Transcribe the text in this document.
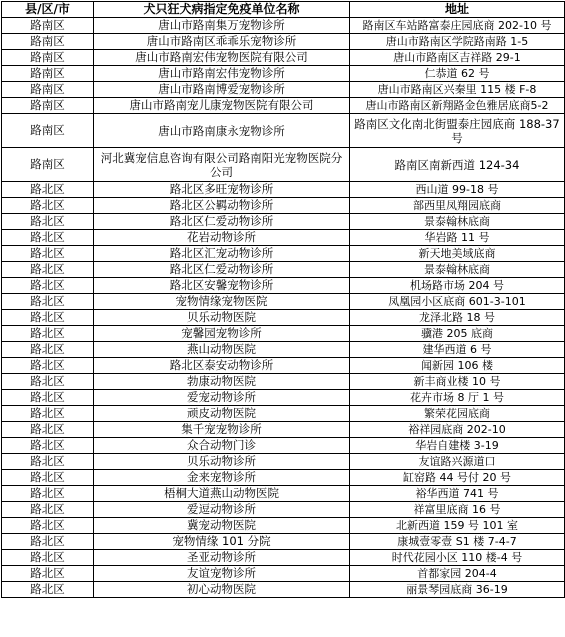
县/区/市	犬只狂犬病指定免疫单位名称	地址
路南区	唐山市路南集万宠物诊所	路南区车站路富泰庄园底商 202-10 号
路南区	唐山市路南区乖乖乐宠物诊所	唐山市路南区学院路南路 1-5
路南区	唐山市路南宏伟宠物医院有限公司	唐山市路南区吉祥路 29-1
路南区	唐山市路南宏伟宠物诊所	仁恭道 62 号
路南区	唐山市路南博爱宠物诊所	唐山市路南区兴秦里 115 楼 F-8
路南区	唐山市路南宠儿康宠物医院有限公司	唐山市路南区新翔路金色雅居底商5-2
路南区	唐山市路南康永宠物诊所	路南区文化南北街盟泰庄园底商 188-37 号
路南区	河北冀宠信息咨询有限公司路南阳光宠物医院分公司	路南区南新西道 124-34
路北区	路北区多旺宠物诊所	西山道 99-18 号
路北区	路北区公羁动物诊所	部西里凤翔园底商
路北区	路北区仁爱动物诊所	景泰翰林底商
路北区	花岩动物诊所	华岩路 11 号
路北区	路北区汇宠动物诊所	新天地美域底商
路北区	路北区仁爱动物诊所	景泰翰林底商
路北区	路北区安馨宠物诊所	机场路市场 204 号
路北区	宠物情缘宠物医院	凤凰园小区底商 601-3-101
路北区	贝乐动物医院	龙泽北路 18 号
路北区	宠馨园宠物诊所	骥港 205 底商
路北区	燕山动物医院	建华西道 6 号
路北区	路北区泰安动物诊所	闻新园 106 楼
路北区	勃康动物医院	新丰商业楼 10 号
路北区	爱宠动物诊所	花卉市场 8 厅 1 号
路北区	顽皮动物医院	繁荣花园底商
路北区	集千宠宠物诊所	裕祥园底商 202-10
路北区	众合动物门诊	华岩自建楼 3-19
路北区	贝乐动物诊所	友谊路兴源道口
路北区	金来宠物诊所	缸窑路 44 号付 20 号
路北区	梧桐大道燕山动物医院	裕华西道 741 号
路北区	爱逗动物诊所	祥富里底商 16 号
路北区	冀宠动物医院	北新西道 159 号 101 室
路北区	宠物情缘 101 分院	康城壹零壹 S1 楼 7-4-7
路北区	圣亚动物诊所	时代花园小区 110 楼-4 号
路北区	友谊宠物诊所	首都家园 204-4
路北区	初心动物医院	丽景琴园底商 36-19
